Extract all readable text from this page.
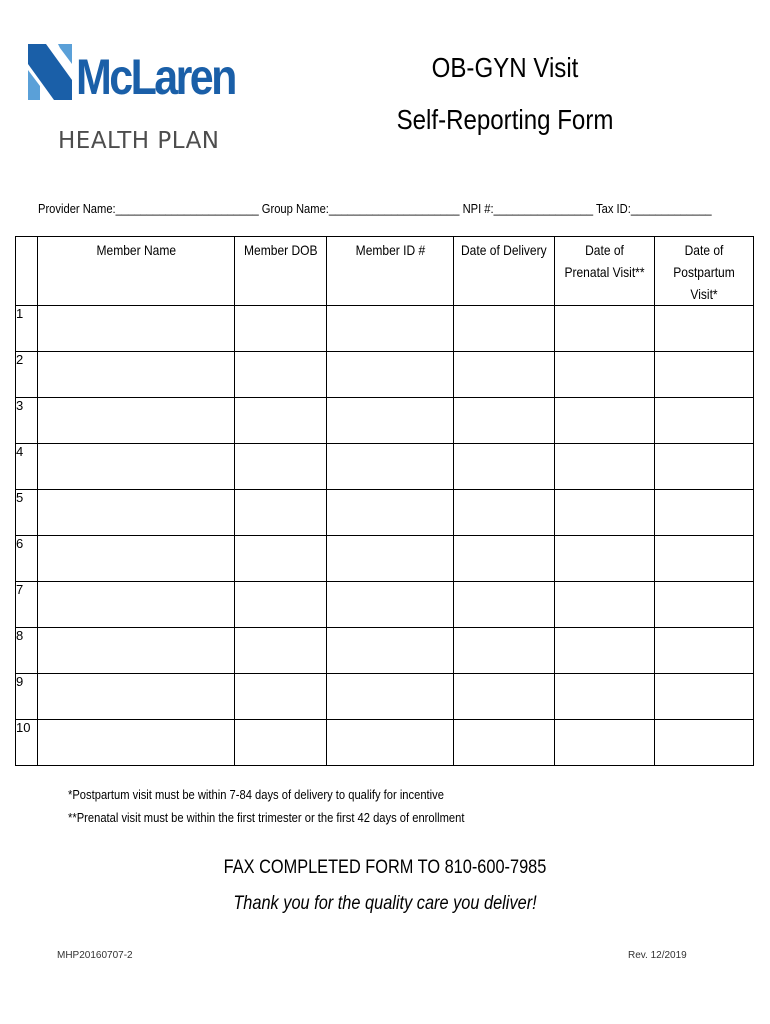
McLaren
HEALTH PLAN
OB-GYN Visit
Self-Reporting Form
Provider Name:_______________________ Group Name:_____________________ NPI #:________________ Tax ID:_____________
	Member Name	Member DOB	Member ID #	Date of Delivery	Date of Prenatal Visit**	Date of Postpartum Visit*
1						
2						
3						
4						
5						
6						
7						
8						
9						
10						
*Postpartum visit must be within 7-84 days of delivery to qualify for incentive
**Prenatal visit must be within the first trimester or the first 42 days of enrollment
FAX COMPLETED FORM TO 810-600-7985
Thank you for the quality care you deliver!
MHP20160707-2	Rev. 12/2019
